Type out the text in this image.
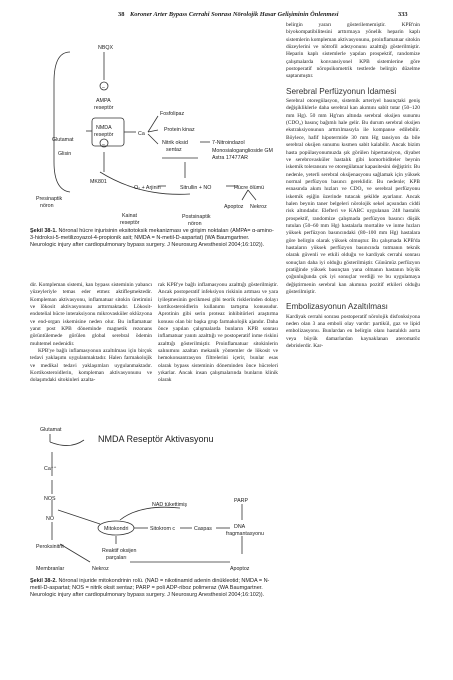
38 Koroner Arter Bypass Cerrahi Sonrası Nörolojik Hasar Gelişiminin Önlenmesi	333
NBQX
–
AMPA
reseptör
Glutamat
Glisin
NMDA
reseptör	Ca
–
MK801
Presinaptik
nöron
Fosfolipaz
Protein kinaz
Nitrik oksid
sentaz
7-Nitroindazol
Monosialoganglioside GM
Astra 17477AR
O₂ + Arjinin	Sitrullin + NO	Hücre ölümü
Apoptoz Nekroz
Kainat
reseptör
Postsinaptik
nöron
Şekil 38-1. Nöronal hücre injurisinin eksitotoksik mekanizması ve girişim noktaları (AMPA= α-amino-3-hidroksi-5-metilizoyazol-4-propionik asit; NMDA = N-metil-D-aspartat) (WA Baumgartner. Neurologic injury after cardiopulmonary bypass surgery. J Neurosurg Anesthesiol 2004;16:102)).

dir. Kompleman sistemi, kan bypass sisteminin yabancı yüzeyleriyle temas eder etmez aktifleşmektedir. Kompleman aktivasyonu, inflamatuar sitokin üretimini ve lökosit aktivasyonunu arttırmaktadır. Lökosit-endotelial hücre interaksiyonu mikrovasküler oklüzyona ve end-organ iskemisine neden olur. Bu inflamatuar yanıt post KPB döneminde magnetik rezonans görüntülemede görülen global serebral ödemin muhtemel nedenidir.

KPB'ye bağlı inflamasyonun azaltılması için birçok tedavi yaklaşımı uygulanmaktadır. Halen farmakolojik ve medikal tedavi yaklaşımları uygulanmaktadır. Kortikosteroidlerin, kompleman aktivasyonunu ve dolaşımdaki sitokinleri azalta-

rak KPB'ye bağlı inflamasyonu azalttığı gösterilmiştir. Ancak postoperatif infeksiyon riskinin artması ve yara iyileşmesinin gecikmesi gibi teorik risklerinden dolayı kortikosteroidlerin kullanımı tartışma konusudur. Aprotinin gibi serin proteaz inhibitörleri araştırma konusu olan bir başka grup farmakolojik ajandır. Daha önce yapılan çalışmalarda bunların KPB sonrası inflamatuar yanıtı azalttığı ve postoperatif inme riskini azalttığı gösterilmiştir. Proinflamatuar sitokinlerin salınımını azaltan mekanik yöntemler de lökosit ve hemokonsantrasyon filtrelerini içerir, bunlar esas olarak bypass sisteminin döneminden önce hücreleri yıkarlar. Ancak insan çalışmalarında bunların klinik olarak

belirgin yararı gösterilememiştir. KPB'nin biyokompatibilitesini arttırmaya yönelik heparin kaplı sistemlerin kompleman aktivasyonunu, proinflamatuar sitokin düzeylerini ve nötrofil adezyonunu azalttığı gösterilmiştir. Heparin kaplı sistemlerle yapılan prospektif, randomize çalışmalarda konvansiyonel KPB sistemlerine göre postoperatif nöropsikometrik testlerde belirgin düzelme saptanmıştır.

Serebral Perfüzyonun İdamesi

Serebral otoregülasyon, sistemik arteriyel basınçtaki geniş değişikliklerle daha serebral kan akımını sabit tutar (50–120 mm Hg). 50 mm Hg'nın altında serebral oksijen sunumu (CDO₂) basınç bağımlı hale gelir. Bu durum serebral oksijen ekstraksiyonunun arttırılmasıyla ile kompanse edilebilir. Böylece, hafif hipotermide 30 mm Hg tansiyon da bile serebral oksijen sunumu kısmen sabit kalabilir. Ancak bizim hasta popülasyonumuzda şık görülen hipertansiyon, diyabet ve serebrovasküler hastalık gibi komorbiditeler beynin iskemik toleransını ve otoregülatuar kapasitesini değiştirir. Bu nedenle, yeterli serebral oksijenasyonu sağlamak için yüksek normal perfüzyon basıncı gereklidir. Bu nedenle; KPB esnasında akım hızları ve CDO₂ ve serebral perfüzyonu iskemik eşiğin üzerinde tutacak şekilde ayarlanır. Ancak halen beynin taner belgeleri nörolojik sekel açısından ciddi risk altındadır. Elefteri ve KABC uygulanan 248 hastalık prospektif, randomize çalışmada perfüzyon basıncı düşük tutulan (50–60 mm Hg) hastalarla mortalite ve inme hızları yüksek perfüzyon basıncındaki (80–100 mm Hg) hastalara göre belirgin olarak yüksek olmuştur. Bu çalışmada KPB'da hastaların yüksek perfüzyon basıncında tutmanın teknik olarak güvenli ve etkili olduğu ve kardiyak cerrahi sonrası sonuçları daha iyi olduğu gösterilmiştir. Günümüz perfüzyon pratiğinde yüksek basınçtan yana olmanın hastanın büyük çoğunluğunda çok iyi sonuçlar verdiği ve bu uygulamaya değiştirmenin serebral kan akımına pozitif etkileri olduğu gösterilmiştir.

Embolizasyonun Azaltılması

Kardiyak cerrahi sonrası postoperatif nörolojik disfonksiyona neden olan 3 ana emboli olay vardır: partikül, gaz ve lipid embolizasyonu. Bunlardan en belirgin olanı hastalıklı aorta veya büyük damarlardan kaynaklanan ateromatöz debrislerdir. Kar-

Glutamat
NMDA Reseptör Aktivasyonu
Ca⁺⁺
NOS
NO
Peroksinitrit
Membranlar
NAD tükettimiş
Mitokondri	Sitokrom c	Caspas
PARP
DNA
fragmantasyonu
Reaktif oksijen
parçaları
Nekroz	Apoptoz
Şekil 38-2. Nöronal injuride mitokondrinin rolü. (NAD = nikotinamid adenin dinükleotid; NMDA = N-metil-D-aspartat; NOS = nitrik oksit sentaz; PARP = poli ADP-riboz polimeraz (WA Baumgartner. Neurologic injury after cardiopulmonary bypass surgery. J Neurosurg Anesthesiol 2004;16:102)).
